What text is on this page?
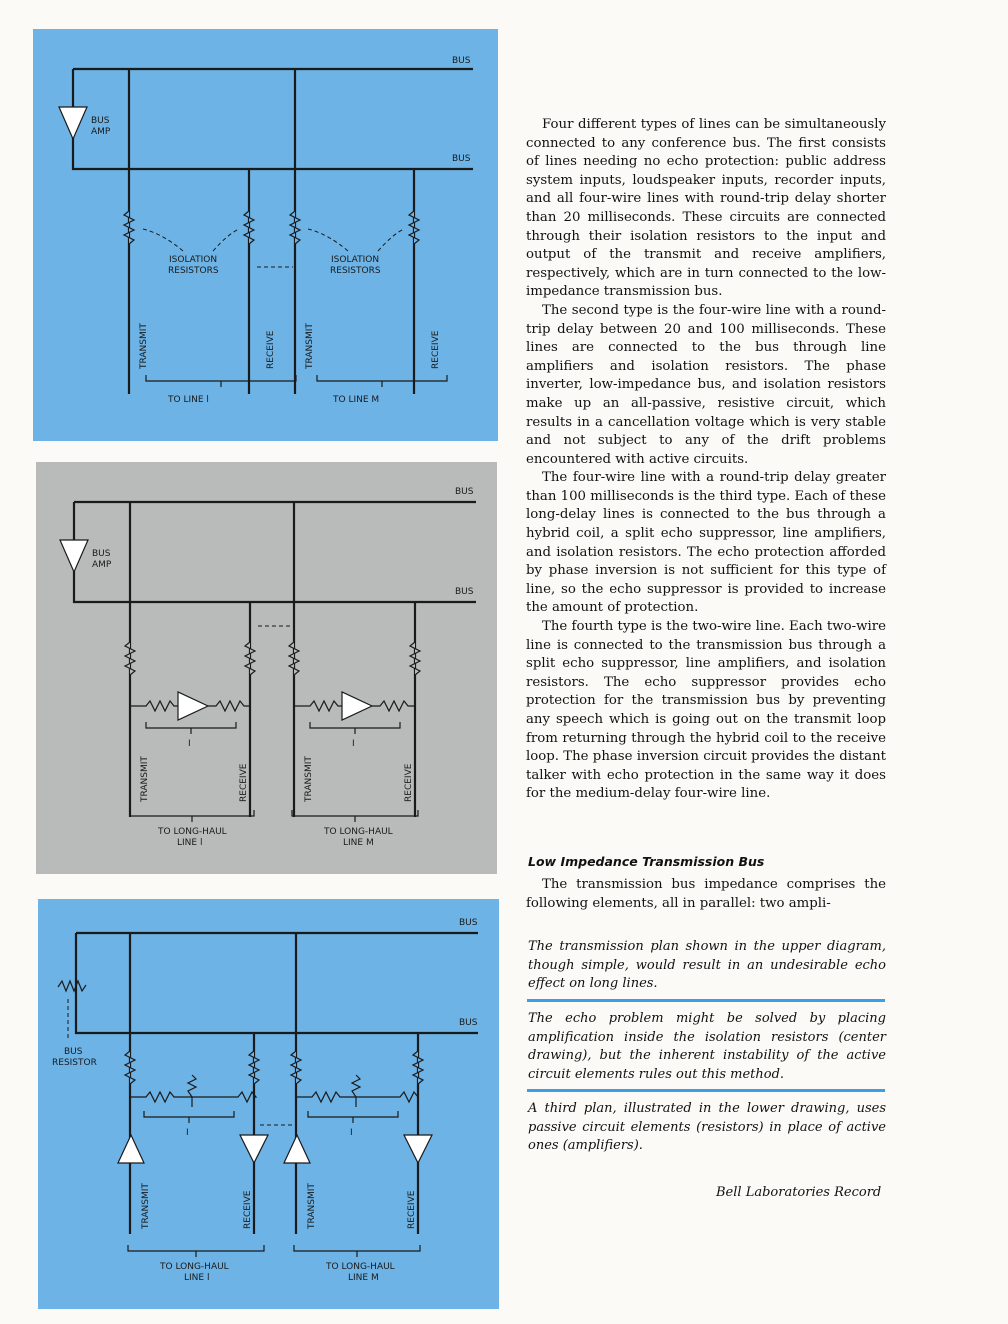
BUS
BUS
BUS
AMP
ISOLATION
RESISTORS
ISOLATION
RESISTORS
TRANSMIT	RECEIVE	TRANSMIT	RECEIVE
TO LINE l	TO LINE M
BUS
BUS
BUS
AMP
I	I
TRANSMIT	RECEIVE	TRANSMIT	RECEIVE
TO LONG-HAUL
LINE l
TO LONG-HAUL
LINE M
BUS
BUS
BUS
RESISTOR
I	I
TRANSMIT	RECEIVE	TRANSMIT	RECEIVE
TO LONG-HAUL
LINE l
TO LONG-HAUL
LINE M

Four different types of lines can be simultaneously connected to any conference bus. The first consists of lines needing no echo protection: public address system inputs, loudspeaker inputs, recorder inputs, and all four-wire lines with round-trip delay shorter than 20 milliseconds. These circuits are connected through their isolation resistors to the input and output of the transmit and receive amplifiers, respectively, which are in turn connected to the low-impedance transmission bus.

The second type is the four-wire line with a round-trip delay between 20 and 100 milliseconds. These lines are connected to the bus through line amplifiers and isolation resistors. The phase inverter, low-impedance bus, and isolation resistors make up an all-passive, resistive circuit, which results in a cancellation voltage which is very stable and not subject to any of the drift problems encountered with active circuits.

The four-wire line with a round-trip delay greater than 100 milliseconds is the third type. Each of these long-delay lines is connected to the bus through a hybrid coil, a split echo suppressor, line amplifiers, and isolation resistors. The echo protection afforded by phase inversion is not sufficient for this type of line, so the echo suppressor is provided to increase the amount of protection.

The fourth type is the two-wire line. Each two-wire line is connected to the transmission bus through a split echo suppressor, line amplifiers, and isolation resistors. The echo suppressor provides echo protection for the transmission bus by preventing any speech which is going out on the transmit loop from returning through the hybrid coil to the receive loop. The phase inversion circuit provides the distant talker with echo protection in the same way it does for the medium-delay four-wire line.

Low Impedance Transmission Bus

The transmission bus impedance comprises the following elements, all in parallel: two ampli-

The transmission plan shown in the upper diagram, though simple, would result in an undesirable echo effect on long lines.
The echo problem might be solved by placing amplification inside the isolation resistors (center drawing), but the inherent instability of the active circuit elements rules out this method.
A third plan, illustrated in the lower drawing, uses passive circuit elements (resistors) in place of active ones (amplifiers).
Bell Laboratories Record
